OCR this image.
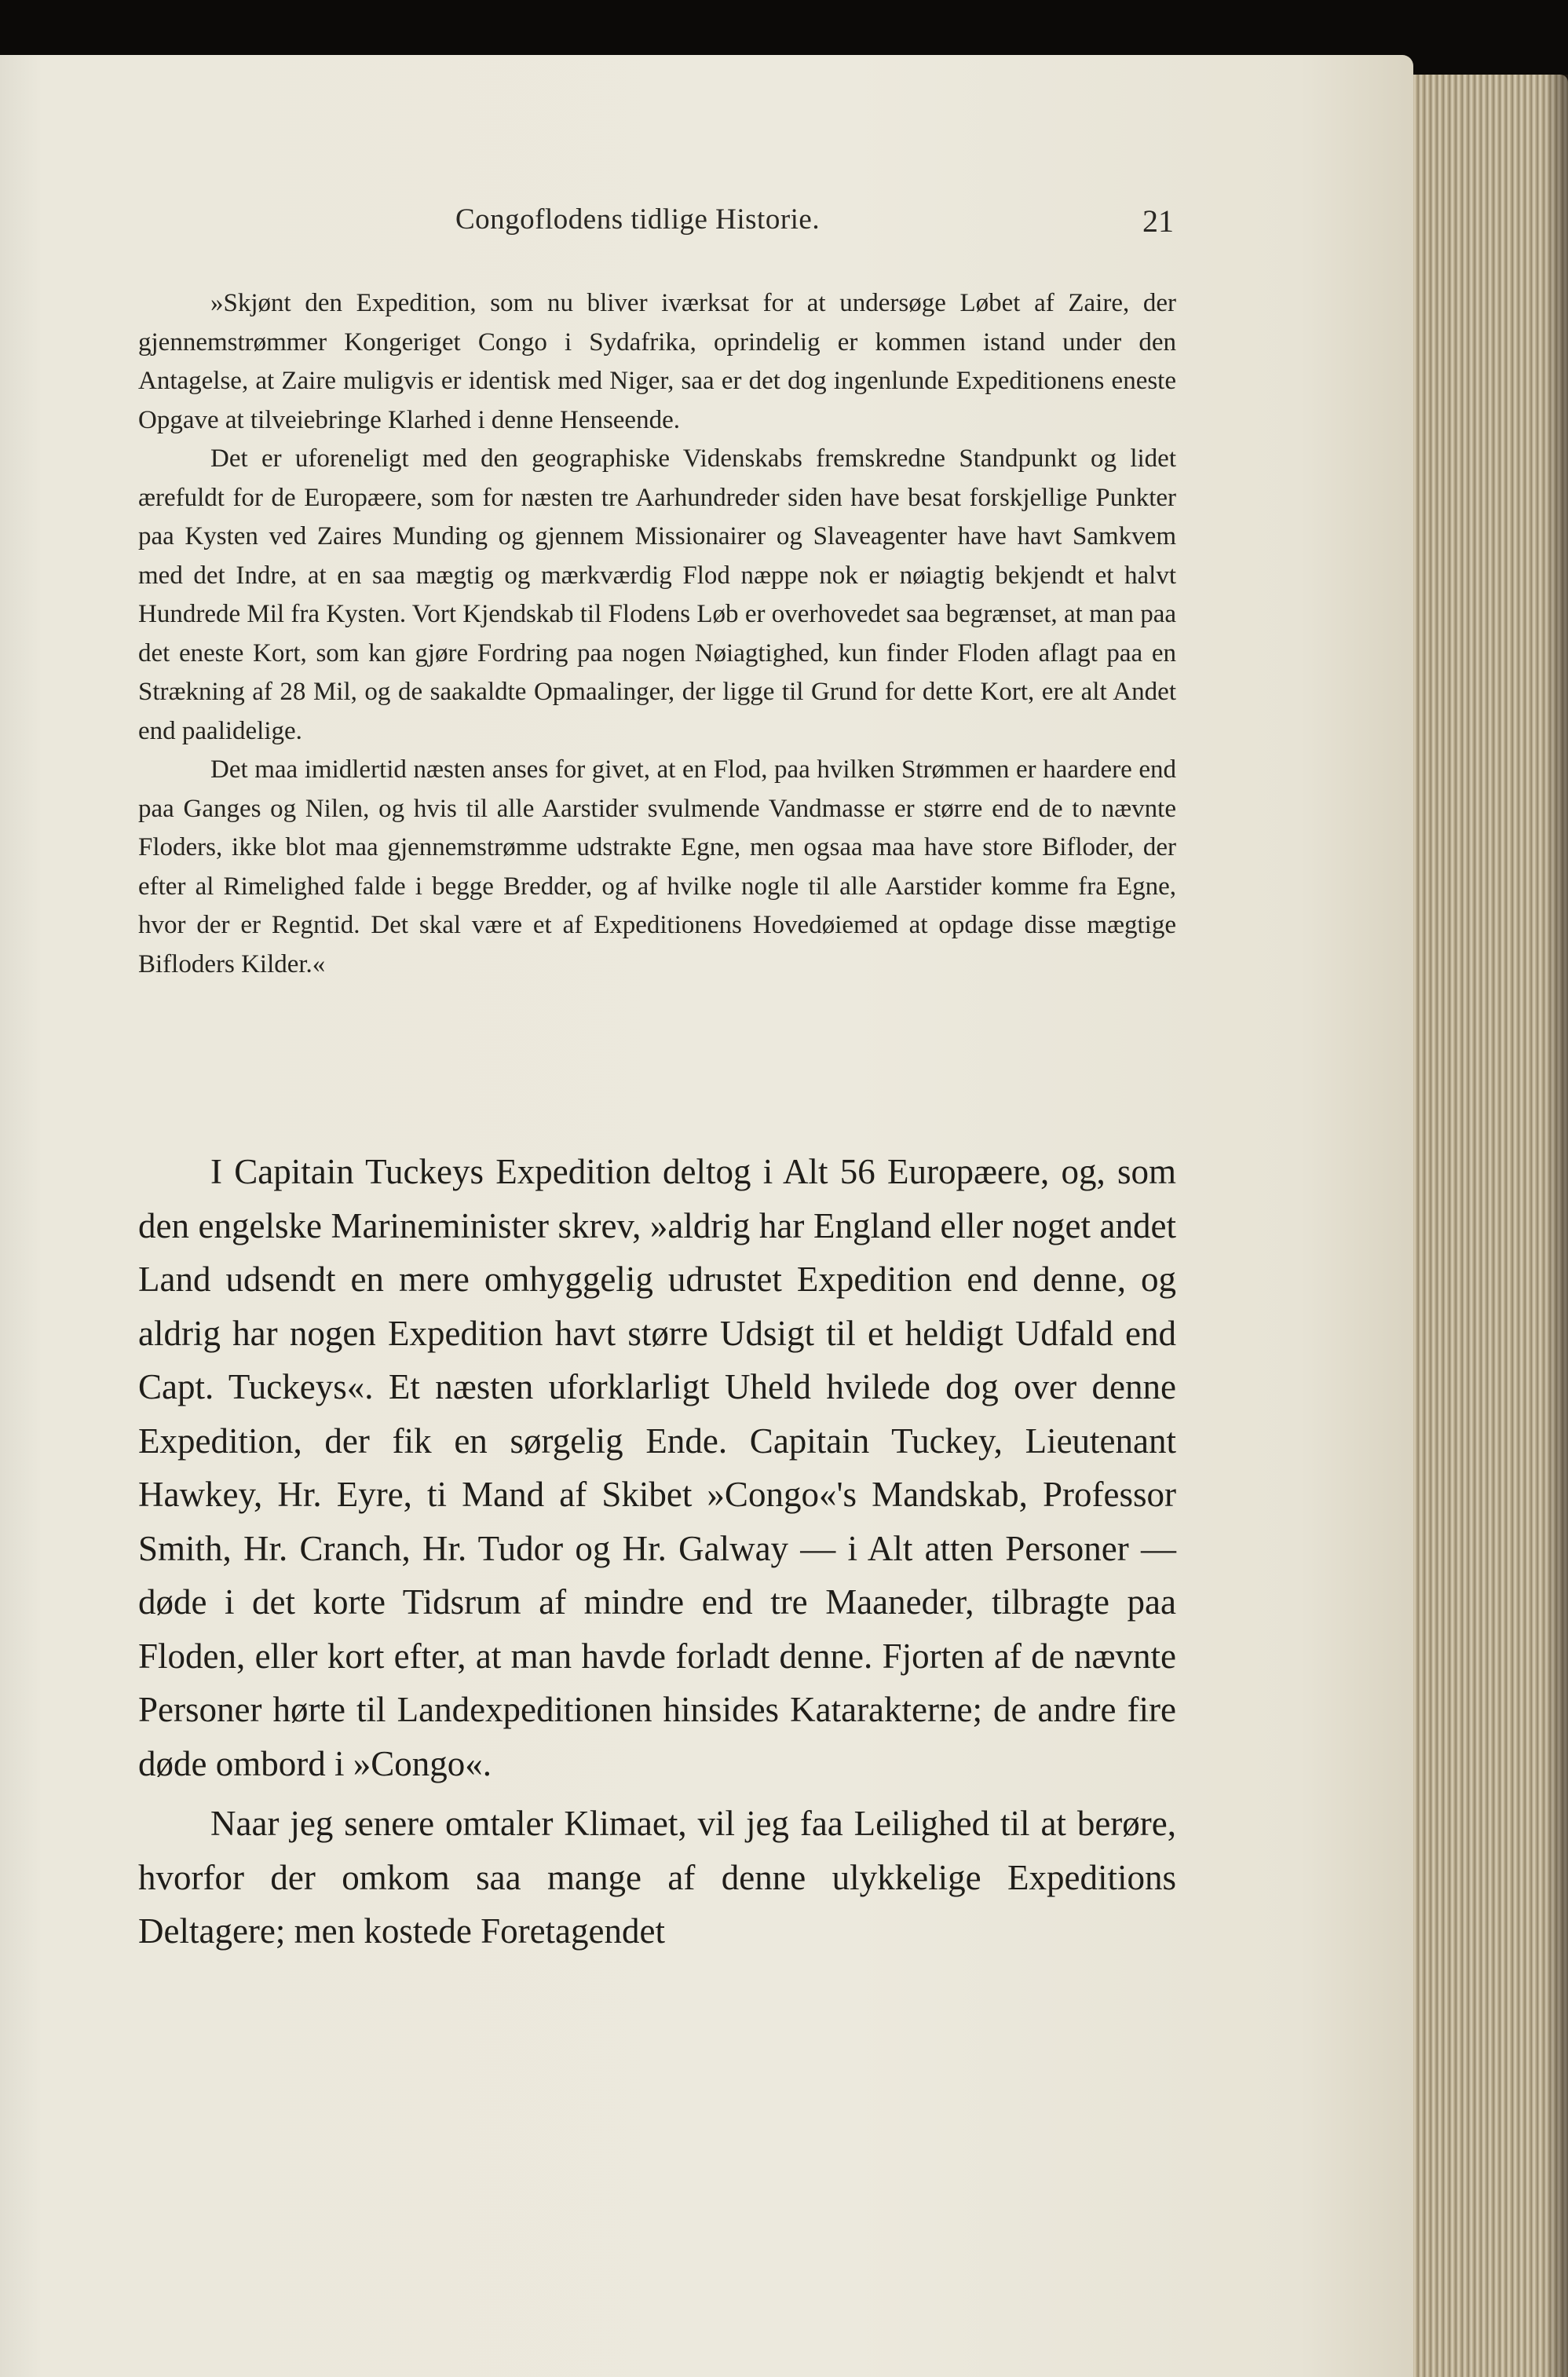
Congoflodens tidlige Historie.	21

»Skjønt den Expedition, som nu bliver iværksat for at undersøge Løbet af Zaire, der gjennemstrømmer Kongeriget Congo i Sydafrika, oprindelig er kommen istand under den Antagelse, at Zaire muligvis er identisk med Niger, saa er det dog ingenlunde Expeditionens eneste Opgave at tilveiebringe Klarhed i denne Henseende.

Det er uforeneligt med den geographiske Videnskabs fremskredne Standpunkt og lidet ærefuldt for de Europæere, som for næsten tre Aarhundreder siden have besat forskjellige Punkter paa Kysten ved Zaires Munding og gjennem Missionairer og Slaveagenter have havt Samkvem med det Indre, at en saa mægtig og mærkværdig Flod næppe nok er nøiagtig bekjendt et halvt Hundrede Mil fra Kysten. Vort Kjendskab til Flodens Løb er overhovedet saa begrænset, at man paa det eneste Kort, som kan gjøre Fordring paa nogen Nøiagtighed, kun finder Floden aflagt paa en Strækning af 28 Mil, og de saakaldte Opmaalinger, der ligge til Grund for dette Kort, ere alt Andet end paalidelige.

Det maa imidlertid næsten anses for givet, at en Flod, paa hvilken Strømmen er haardere end paa Ganges og Nilen, og hvis til alle Aarstider svulmende Vandmasse er større end de to nævnte Floders, ikke blot maa gjennemstrømme udstrakte Egne, men ogsaa maa have store Bifloder, der efter al Rimelighed falde i begge Bredder, og af hvilke nogle til alle Aarstider komme fra Egne, hvor der er Regntid. Det skal være et af Expeditionens Hovedøiemed at opdage disse mægtige Bifloders Kilder.«

I Capitain Tuckeys Expedition deltog i Alt 56 Europæere, og, som den engelske Marineminister skrev, »aldrig har England eller noget andet Land udsendt en mere omhyggelig udrustet Expedition end denne, og aldrig har nogen Expedition havt større Udsigt til et heldigt Udfald end Capt. Tuckeys«. Et næsten uforklarligt Uheld hvilede dog over denne Expedition, der fik en sørgelig Ende. Capitain Tuckey, Lieutenant Hawkey, Hr. Eyre, ti Mand af Skibet »Congo«'s Mandskab, Professor Smith, Hr. Cranch, Hr. Tudor og Hr. Galway — i Alt atten Personer — døde i det korte Tidsrum af mindre end tre Maaneder, tilbragte paa Floden, eller kort efter, at man havde forladt denne. Fjorten af de nævnte Personer hørte til Landexpeditionen hinsides Katarakterne; de andre fire døde ombord i »Congo«.

Naar jeg senere omtaler Klimaet, vil jeg faa Leilighed til at berøre, hvorfor der omkom saa mange af denne ulykkelige Expeditions Deltagere; men kostede Foretagendet
